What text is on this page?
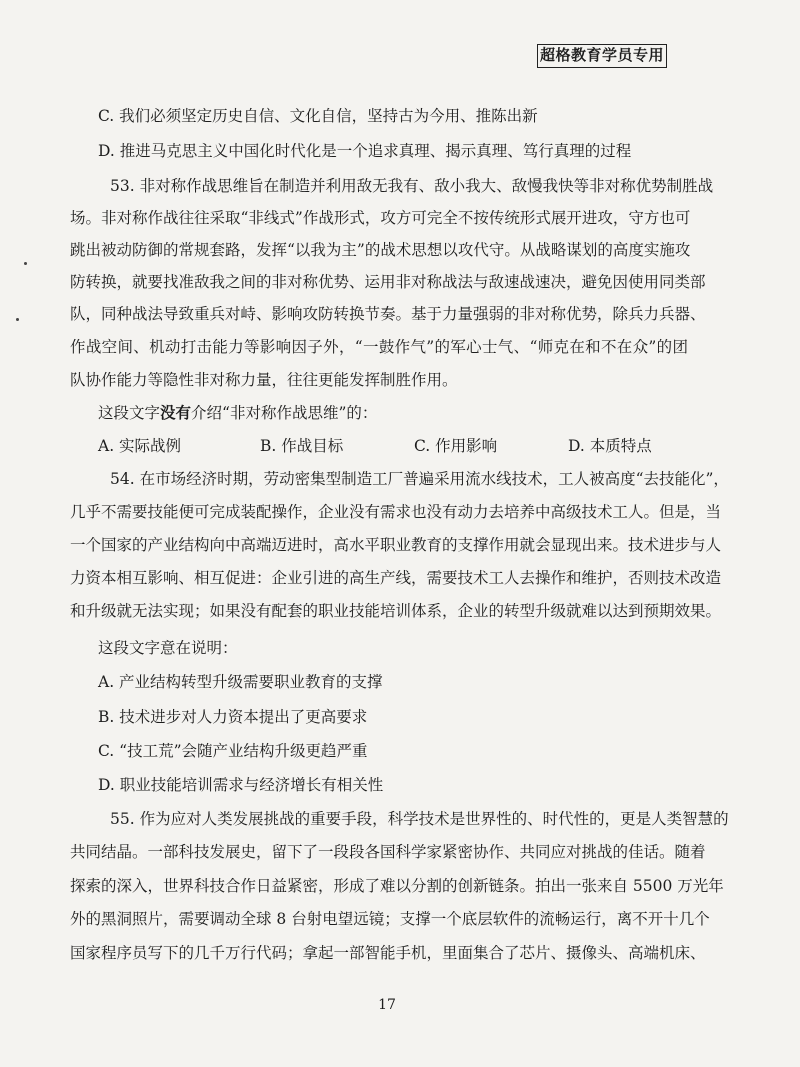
超格教育学员专用
C. 我们必须坚定历史自信、文化自信，坚持古为今用、推陈出新
D. 推进马克思主义中国化时代化是一个追求真理、揭示真理、笃行真理的过程
53. 非对称作战思维旨在制造并利用敌无我有、敌小我大、敌慢我快等非对称优势制胜战
场。非对称作战往往采取“非线式”作战形式，攻方可完全不按传统形式展开进攻，守方也可
跳出被动防御的常规套路，发挥“以我为主”的战术思想以攻代守。从战略谋划的高度实施攻
防转换，就要找准敌我之间的非对称优势、运用非对称战法与敌速战速决，避免因使用同类部
队，同种战法导致重兵对峙、影响攻防转换节奏。基于力量强弱的非对称优势，除兵力兵器、
作战空间、机动打击能力等影响因子外，“一鼓作气”的军心士气、“师克在和不在众”的团
队协作能力等隐性非对称力量，往往更能发挥制胜作用。
这段文字没有介绍“非对称作战思维”的：
A. 实际战例	B. 作战目标	C. 作用影响	D. 本质特点
54. 在市场经济时期，劳动密集型制造工厂普遍采用流水线技术，工人被高度“去技能化”，
几乎不需要技能便可完成装配操作，企业没有需求也没有动力去培养中高级技术工人。但是，当
一个国家的产业结构向中高端迈进时，高水平职业教育的支撑作用就会显现出来。技术进步与人
力资本相互影响、相互促进：企业引进的高生产线，需要技术工人去操作和维护，否则技术改造
和升级就无法实现；如果没有配套的职业技能培训体系，企业的转型升级就难以达到预期效果。
这段文字意在说明：
A. 产业结构转型升级需要职业教育的支撑
B. 技术进步对人力资本提出了更高要求
C. “技工荒”会随产业结构升级更趋严重
D. 职业技能培训需求与经济增长有相关性
55. 作为应对人类发展挑战的重要手段，科学技术是世界性的、时代性的，更是人类智慧的
共同结晶。一部科技发展史，留下了一段段各国科学家紧密协作、共同应对挑战的佳话。随着
探索的深入，世界科技合作日益紧密，形成了难以分割的创新链条。拍出一张来自 5500 万光年
外的黑洞照片，需要调动全球 8 台射电望远镜；支撑一个底层软件的流畅运行，离不开十几个
国家程序员写下的几千万行代码；拿起一部智能手机，里面集合了芯片、摄像头、高端机床、
17
